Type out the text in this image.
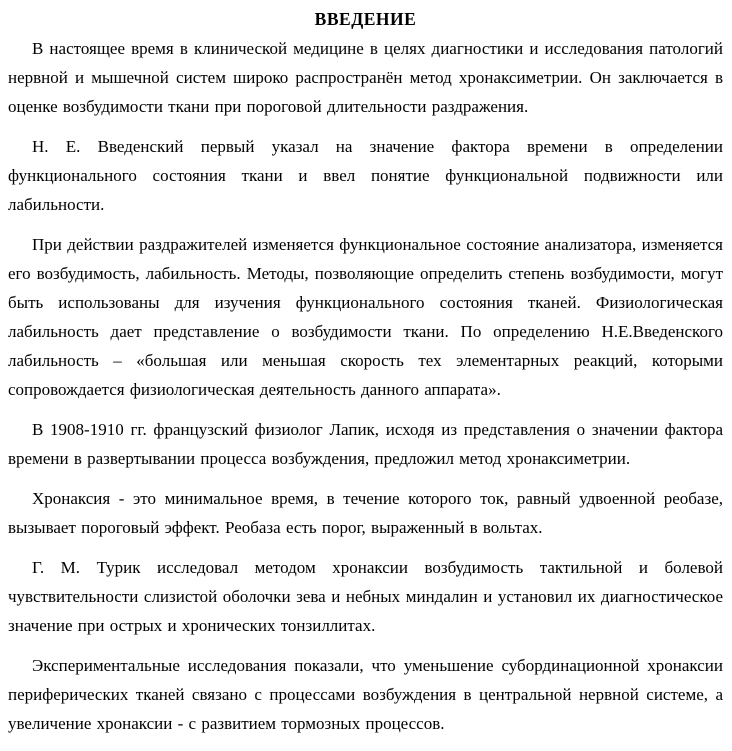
ВВЕДЕНИЕ

В настоящее время в клинической медицине в целях диагностики и исследования патологий нервной и мышечной систем широко распространён метод хронаксиметрии. Он заключается в оценке возбудимости ткани при пороговой длительности раздражения.

Н. Е. Введенский первый указал на значение фактора времени в определении функционального состояния ткани и ввел понятие функциональной подвижности или лабильности.

При действии раздражителей изменяется функциональное состояние анализатора, изменяется его возбудимость, лабильность. Методы, позволяющие определить степень возбудимости, могут быть использованы для изучения функционального состояния тканей. Физиологическая лабильность дает представление о возбудимости ткани. По определению Н.Е.Введенского лабильность – «большая или меньшая скорость тех элементарных реакций, которыми сопровождается физиологическая деятельность данного аппарата».

В 1908-1910 гг. французский физиолог Лапик, исходя из представления о значении фактора времени в развертывании процесса возбуждения, предложил метод хронаксиметрии.

Хронаксия - это минимальное время, в течение которого ток, равный удвоенной реобазе, вызывает пороговый эффект. Реобаза есть порог, выраженный в вольтах.

Г. М. Турик исследовал методом хронаксии возбудимость тактильной и болевой чувствительности слизистой оболочки зева и небных миндалин и установил их диагностическое значение при острых и хронических тонзиллитах.

Экспериментальные исследования показали, что уменьшение субординационной хронаксии периферических тканей связано с процессами возбуждения в центральной нервной системе, а увеличение хронаксии - с развитием тормозных процессов.
